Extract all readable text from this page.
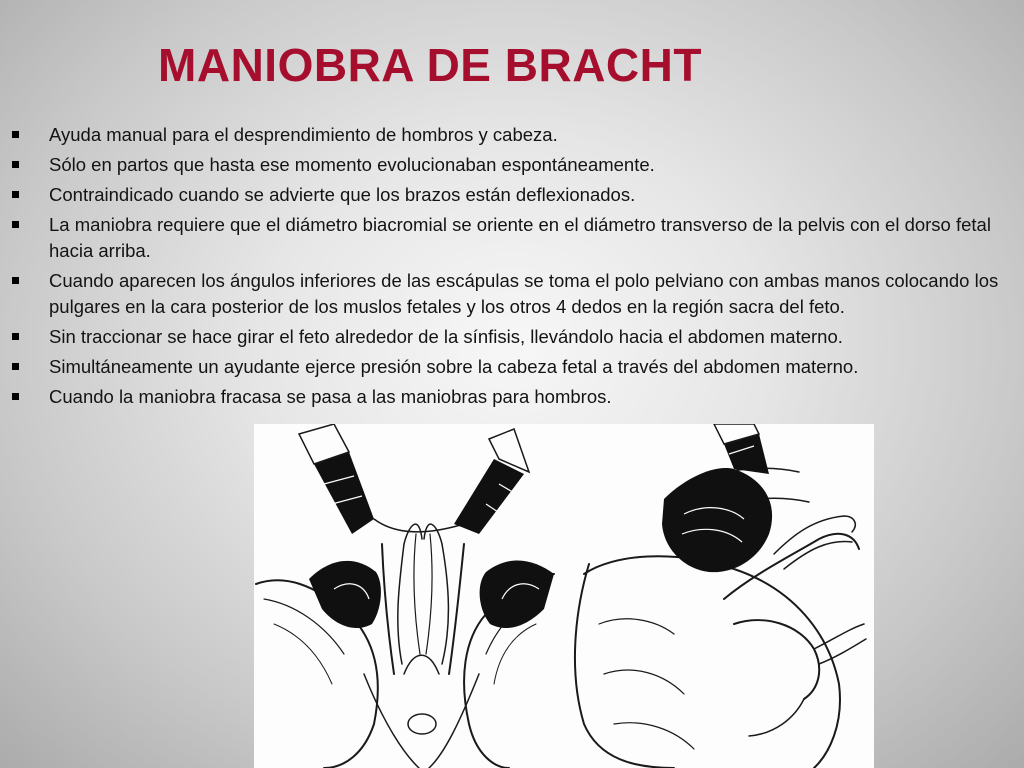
MANIOBRA DE BRACHT
Ayuda manual para el desprendimiento de hombros y cabeza.
Sólo en partos que hasta ese momento evolucionaban espontáneamente.
Contraindicado cuando se advierte que los brazos están deflexionados.
La maniobra requiere que el diámetro biacromial se oriente en el diámetro transverso de la pelvis con el dorso fetal hacia arriba.
Cuando aparecen los ángulos inferiores de las escápulas se toma el polo pelviano con ambas manos colocando los pulgares en la cara posterior de los muslos fetales y los otros 4 dedos en la región sacra del feto.
Sin traccionar se hace girar el feto alrededor de la sínfisis, llevándolo hacia el abdomen materno.
Simultáneamente un ayudante ejerce presión sobre la cabeza fetal a través del abdomen materno.
Cuando la maniobra fracasa se pasa a las maniobras para hombros.
